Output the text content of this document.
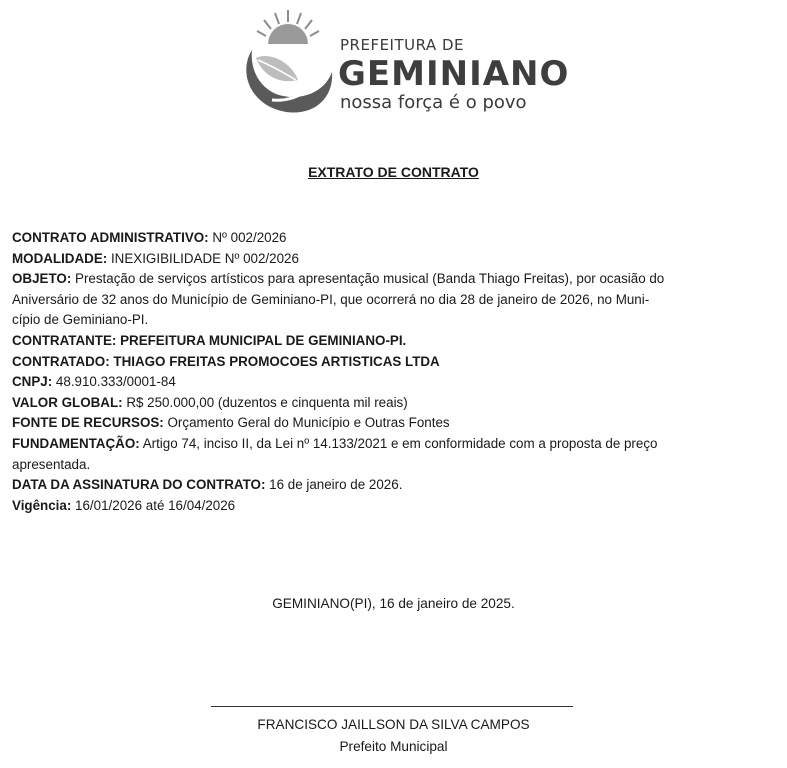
PREFEITURA DE
GEMINIANO
nossa força é o povo
EXTRATO DE CONTRATO

CONTRATO ADMINISTRATIVO: Nº 002/2026

MODALIDADE: INEXIGIBILIDADE Nº 002/2026

OBJETO: Prestação de serviços artísticos para apresentação musical (Banda Thiago Freitas), por ocasião do

Aniversário de 32 anos do Município de Geminiano-PI, que ocorrerá no dia 28 de janeiro de 2026, no Muni-

cípio de Geminiano-PI.

CONTRATANTE: PREFEITURA MUNICIPAL DE GEMINIANO-PI.

CONTRATADO: THIAGO FREITAS PROMOCOES ARTISTICAS LTDA

CNPJ: 48.910.333/0001-84

VALOR GLOBAL: R$ 250.000,00 (duzentos e cinquenta mil reais)

FONTE DE RECURSOS: Orçamento Geral do Município e Outras Fontes

FUNDAMENTAÇÃO: Artigo 74, inciso II, da Lei nº 14.133/2021 e em conformidade com a proposta de preço

apresentada.

DATA DA ASSINATURA DO CONTRATO: 16 de janeiro de 2026.

Vigência: 16/01/2026 até 16/04/2026

GEMINIANO(PI), 16 de janeiro de 2025.
FRANCISCO JAILLSON DA SILVA CAMPOS
Prefeito Municipal
